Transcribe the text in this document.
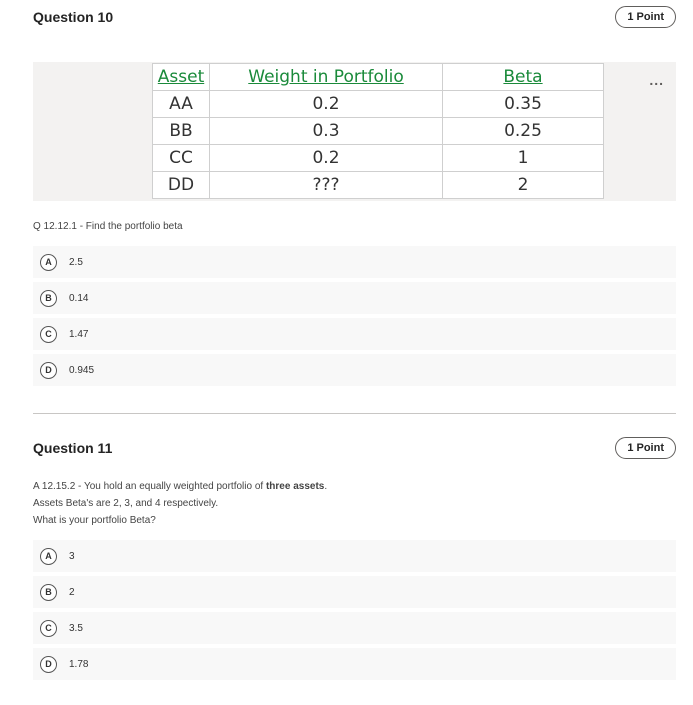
Question 10	1 Point
Asset	Weight in Portfolio	Beta
AA	0.2	0.35
BB	0.3	0.25
CC	0.2	1
DD	???	2
...
Q 12.12.1 - Find the portfolio beta
A	2.5
B	0.14
C	1.47
D	0.945
Question 11	1 Point
A 12.15.2 - You hold an equally weighted portfolio of three assets.
Assets Beta's are 2, 3, and 4 respectively.
What is your portfolio Beta?
A	3
B	2
C	3.5
D	1.78
